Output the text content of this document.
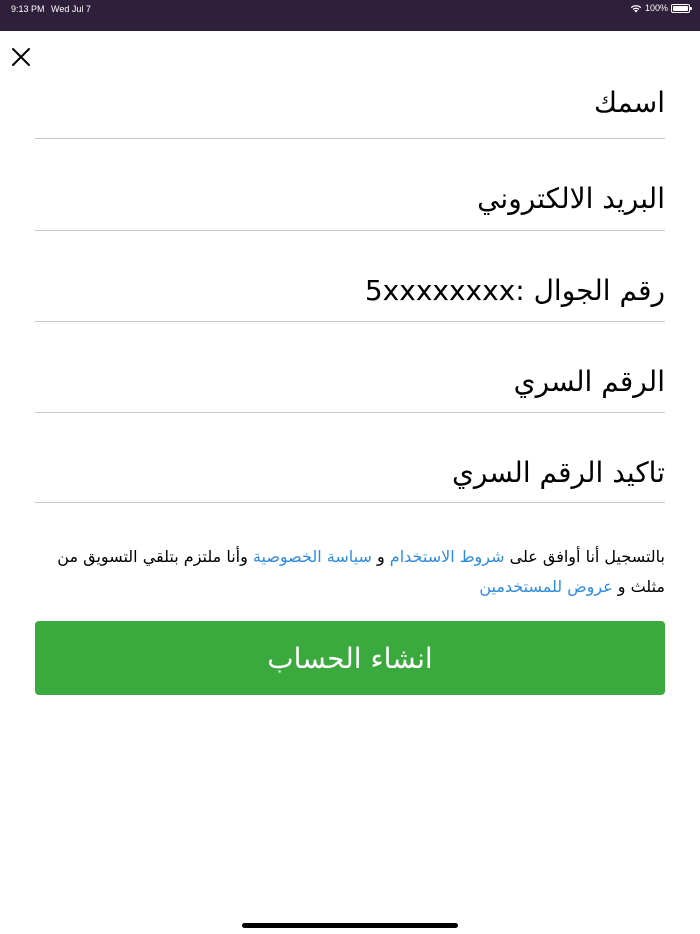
9:13 PM Wed Jul 7	100%
اسمك
البريد الالكتروني
رقم الجوال :5xxxxxxxx
بالتسجيل أنا أوافق على شروط الاستخدام و سياسة الخصوصية وأنا ملتزم بتلقي التسويق من مثلث و عروض للمستخدمين
انشاء الحساب
